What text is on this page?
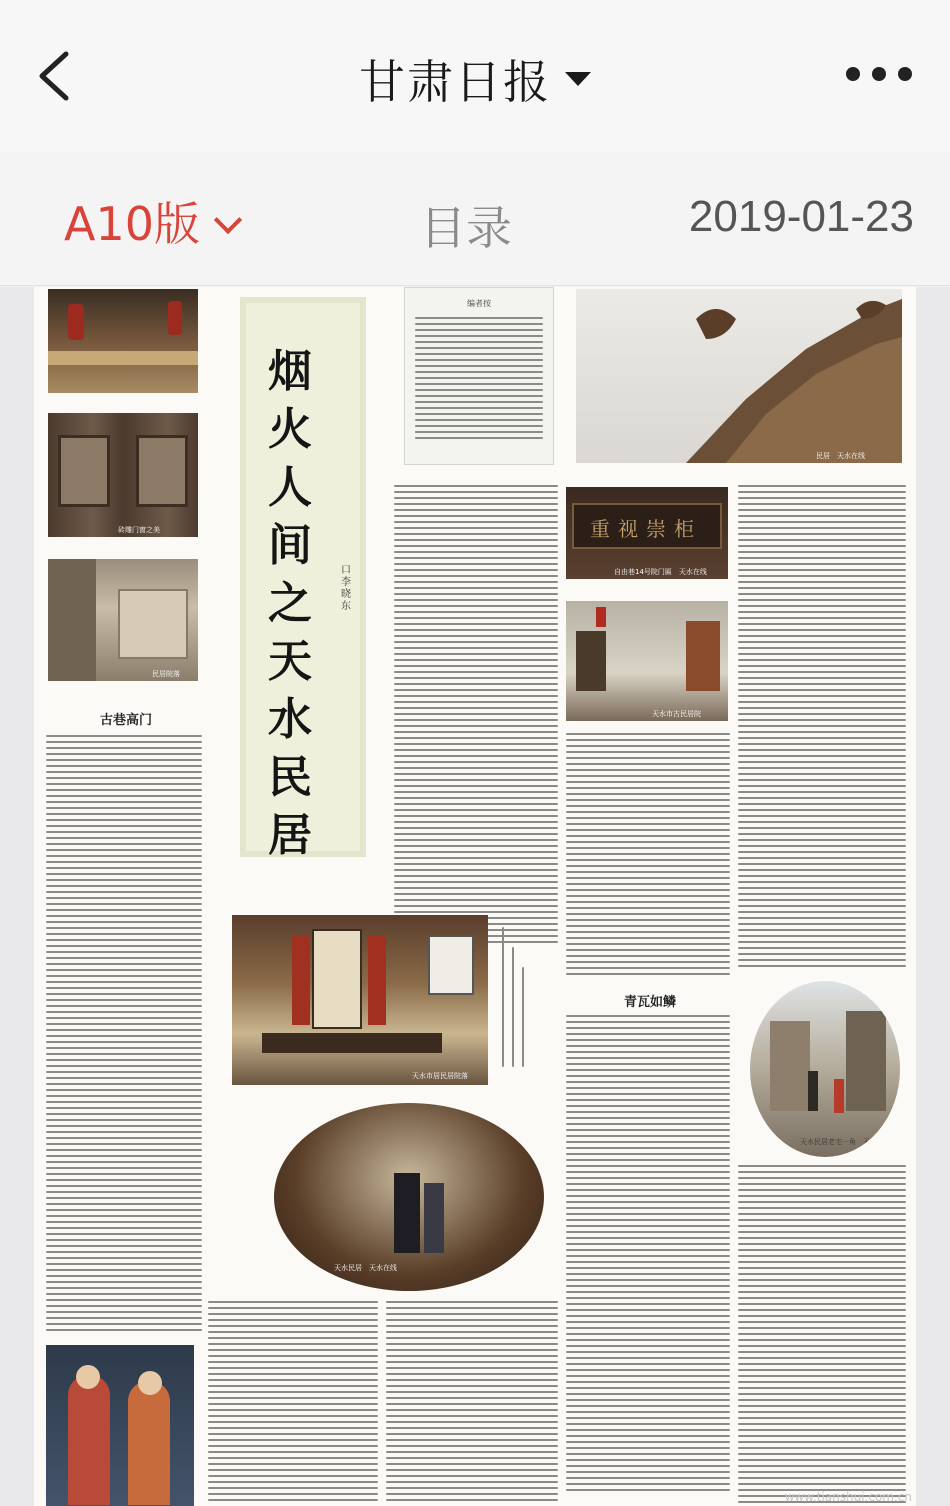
甘肃日报
A10版	目录	2019-01-23
砖雕门窗之美
民居院落
古巷高门
烟火人间之天水民居
口李晓东
编者按
民居　天水在线
重视崇柜
自由巷14号院门匾　天水在线
天水市古民居院
青瓦如鳞
天水民居老宅一角　天水在线
天水市居民居院落
天水民居　天水在线
www.tianshui.com.cn
